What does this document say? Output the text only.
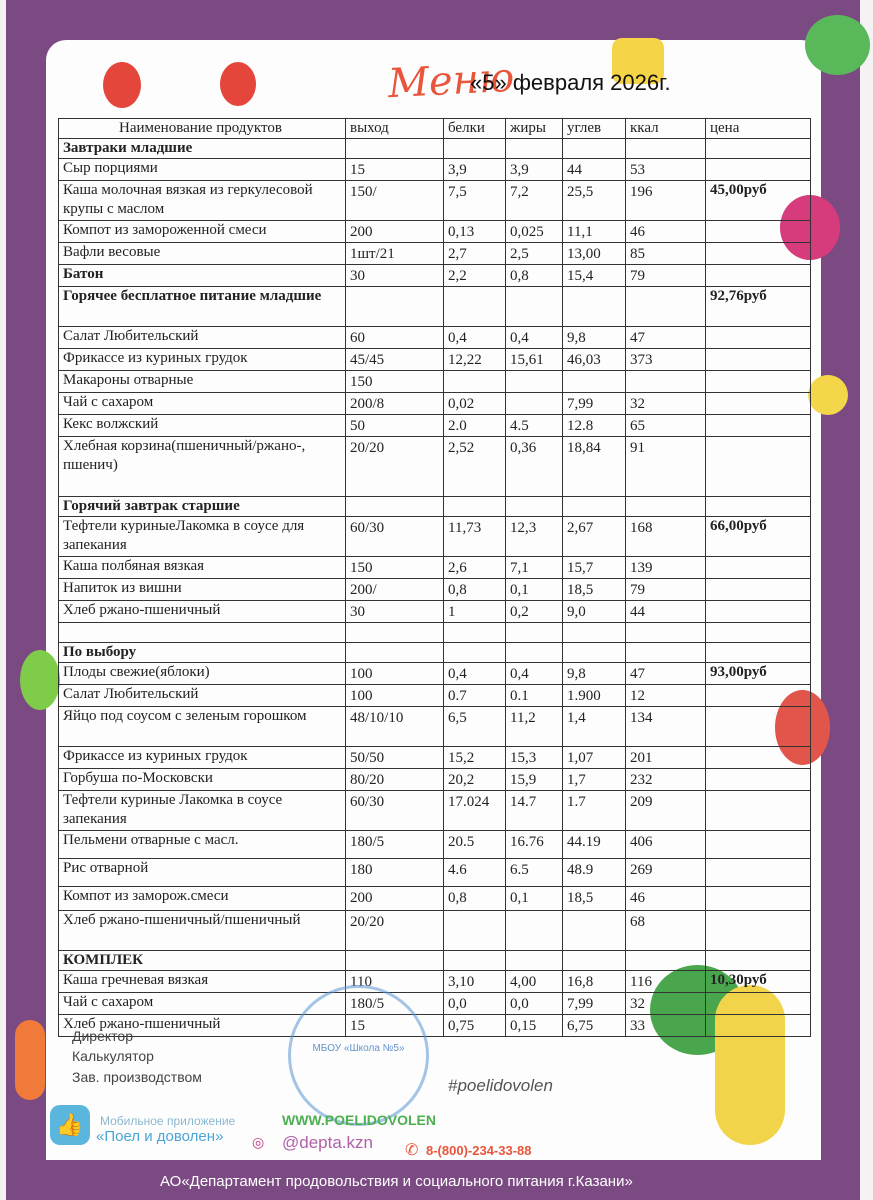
Меню
«5» февраля 2026г.
Наименование продуктов	выход	белки	жиры	углев	ккал	цена
Завтраки младшие						
Сыр порциями	15	3,9	3,9	44	53	
Каша молочная вязкая из геркулесовой крупы с маслом	150/	7,5	7,2	25,5	196	45,00руб
Компот из замороженной смеси	200	0,13	0,025	11,1	46	
Вафли весовые	1шт/21	2,7	2,5	13,00	85	
Батон	30	2,2	0,8	15,4	79	
Горячее бесплатное питание младшие						92,76руб
Салат Любительский	60	0,4	0,4	9,8	47	
Фрикассе из куриных грудок	45/45	12,22	15,61	46,03	373	
Макароны отварные	150					
Чай с сахаром	200/8	0,02		7,99	32	
Кекс волжский	50	2.0	4.5	12.8	65	
Хлебная корзина(пшеничный/ржано-, пшенич)	20/20	2,52	0,36	18,84	91	
Горячий завтрак старшие						
Тефтели куриныеЛакомка в соусе для запекания	60/30	11,73	12,3	2,67	168	66,00руб
Каша полбяная вязкая	150	2,6	7,1	15,7	139	
Напиток из вишни	200/	0,8	0,1	18,5	79	
Хлеб ржано-пшеничный	30	1	0,2	9,0	44	

По выбору						
Плоды свежие(яблоки)	100	0,4	0,4	9,8	47	93,00руб
Салат Любительский	100	0.7	0.1	1.900	12	
Яйцо под соусом с зеленым горошком	48/10/10	6,5	11,2	1,4	134	
Фрикассе из куриных грудок	50/50	15,2	15,3	1,07	201	
Горбуша по-Московски	80/20	20,2	15,9	1,7	232	
Тефтели куриные Лакомка в соусе запекания	60/30	17.024	14.7	1.7	209	
Пельмени отварные с масл.	180/5	20.5	16.76	44.19	406	
Рис отварной	180	4.6	6.5	48.9	269	
Компот из заморож.смеси	200	0,8	0,1	18,5	46	
Хлеб ржано-пшеничный/пшеничный	20/20				68	
КОМПЛЕК						
Каша гречневая вязкая	110	3,10	4,00	16,8	116	10,30руб
Чай с сахаром	180/5	0,0	0,0	7,99	32	
Хлеб ржано-пшеничный	15	0,75	0,15	6,75	33	
МБОУ «Школа №5»
Директор
Калькулятор
Зав. производством
👍	Мобильное приложение
«Поел и доволен»
WWW.POELIDOVOLEN
◎ @depta.kzn ✆ 8-(800)-234-33-88
#poelidovolen
АО«Департамент продовольствия и социального питания г.Казани»
